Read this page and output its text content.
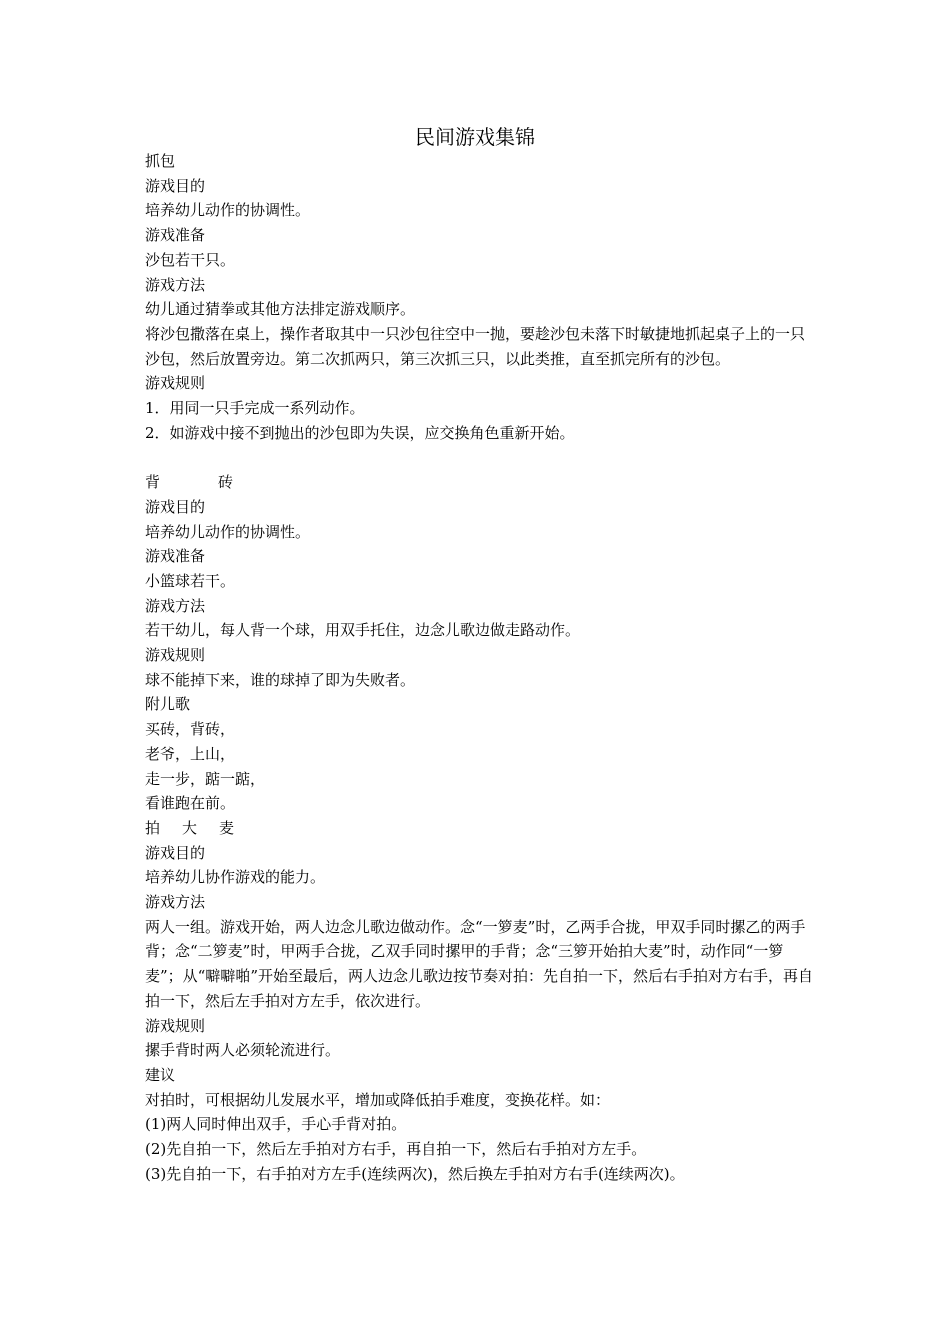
民间游戏集锦

抓包

游戏目的

培养幼儿动作的协调性。

游戏准备

沙包若干只。

游戏方法

幼儿通过猜拳或其他方法排定游戏顺序。

将沙包撒落在桌上，操作者取其中一只沙包往空中一抛，要趁沙包未落下时敏捷地抓起桌子上的一只沙包，然后放置旁边。第二次抓两只，第三次抓三只，以此类推，直至抓完所有的沙包。

游戏规则

1．用同一只手完成一系列动作。

2．如游戏中接不到抛出的沙包即为失误，应交换角色重新开始。

背	砖

游戏目的

培养幼儿动作的协调性。

游戏准备

小篮球若干。

游戏方法

若干幼儿，每人背一个球，用双手托住，边念儿歌边做走路动作。

游戏规则

球不能掉下来，谁的球掉了即为失败者。

附儿歌

买砖，背砖，

老爷，上山，

走一步，踮一踮，

看谁跑在前。

拍 大 麦

游戏目的

培养幼儿协作游戏的能力。

游戏方法

两人一组。游戏开始，两人边念儿歌边做动作。念“一箩麦”时，乙两手合拢，甲双手同时摞乙的两手背；念“二箩麦”时，甲两手合拢，乙双手同时摞甲的手背；念“三箩开始拍大麦”时，动作同“一箩麦”；从“噼噼啪”开始至最后，两人边念儿歌边按节奏对拍：先自拍一下，然后右手拍对方右手，再自拍一下，然后左手拍对方左手，依次进行。

游戏规则

摞手背时两人必须轮流进行。

建议

对拍时，可根据幼儿发展水平，增加或降低拍手难度，变换花样。如：

(1)两人同时伸出双手，手心手背对拍。

(2)先自拍一下，然后左手拍对方右手，再自拍一下，然后右手拍对方左手。

(3)先自拍一下，右手拍对方左手(连续两次)，然后换左手拍对方右手(连续两次)。
